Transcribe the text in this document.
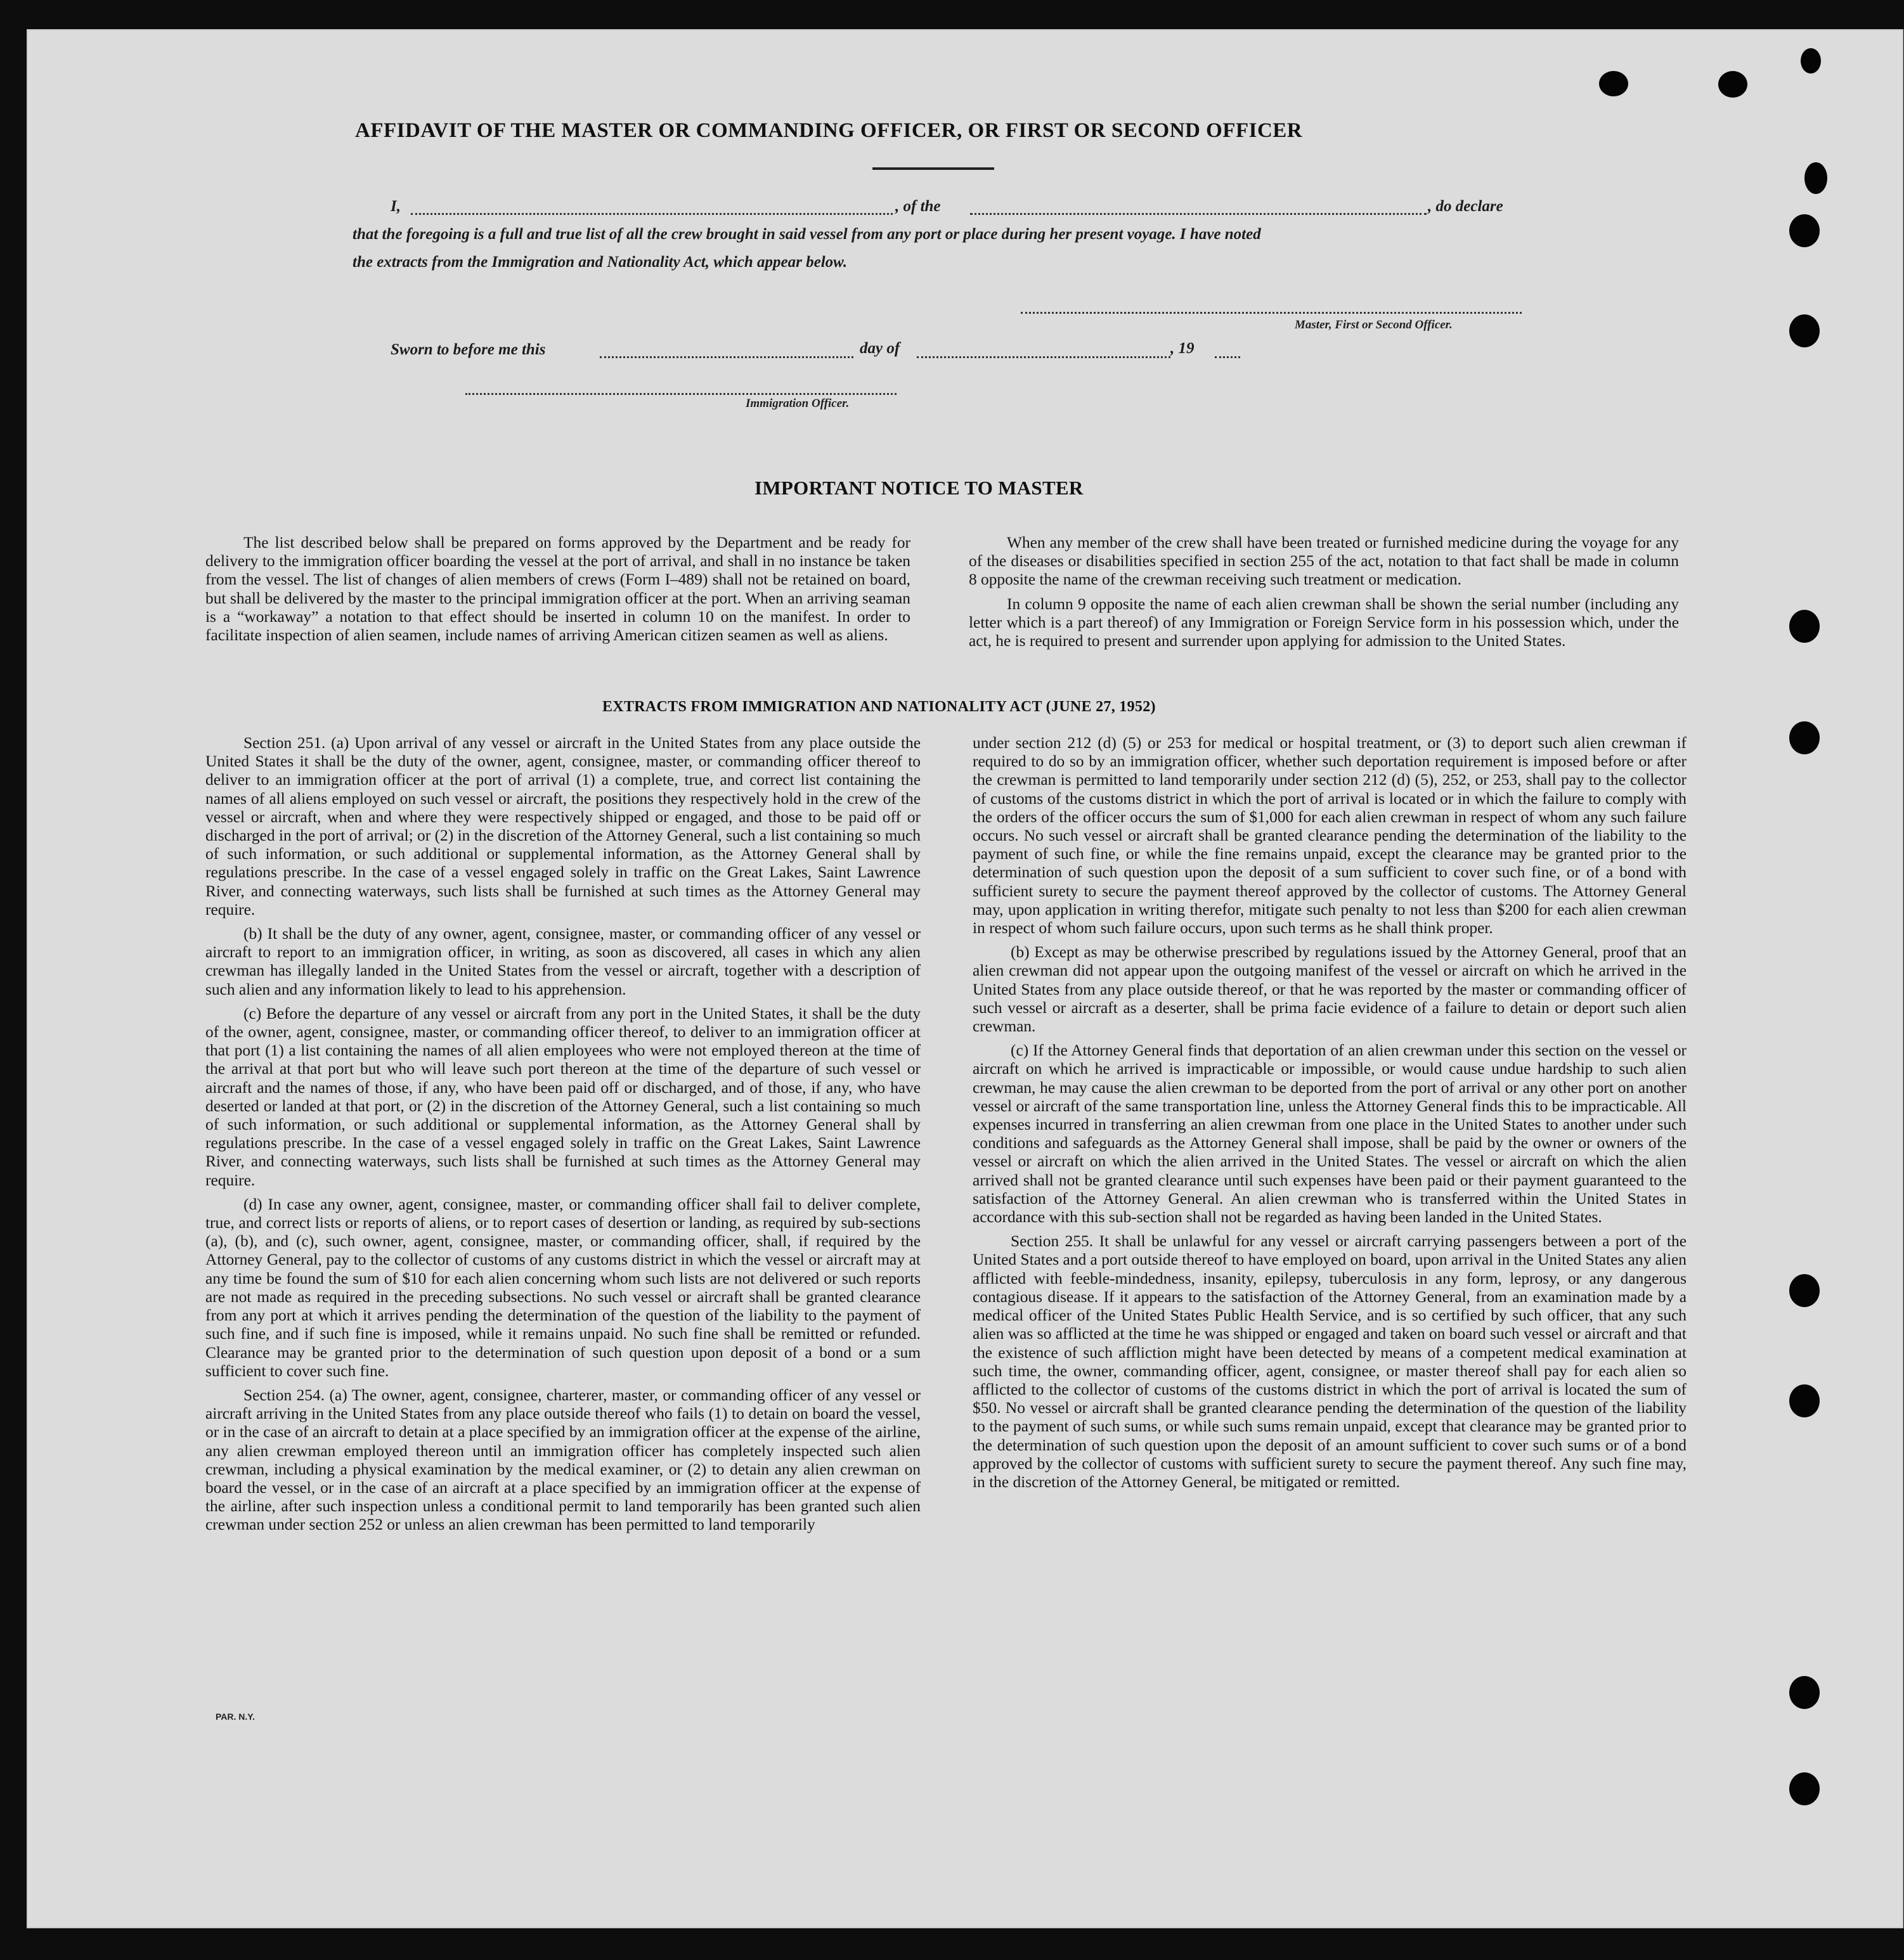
AFFIDAVIT OF THE MASTER OR COMMANDING OFFICER, OR FIRST OR SECOND OFFICER
I,	, of the	, do declare
that the foregoing is a full and true list of all the crew brought in said vessel from any port or place during her present voyage. I have noted
the extracts from the Immigration and Nationality Act, which appear below.
Master, First or Second Officer.
Sworn to before me this	day of	, 19
Immigration Officer.
IMPORTANT NOTICE TO MASTER

The list described below shall be prepared on forms approved by the Department and be ready for delivery to the immigration officer boarding the vessel at the port of arrival, and shall in no instance be taken from the vessel. The list of changes of alien members of crews (Form I–489) shall not be retained on board, but shall be delivered by the master to the principal immigration officer at the port. When an arriving seaman is a “workaway” a notation to that effect should be inserted in column 10 on the manifest. In order to facilitate inspection of alien seamen, include names of arriving American citizen seamen as well as aliens.

When any member of the crew shall have been treated or furnished medicine during the voyage for any of the diseases or disabilities specified in section 255 of the act, notation to that fact shall be made in column 8 opposite the name of the crewman receiving such treatment or medication.

In column 9 opposite the name of each alien crewman shall be shown the serial number (including any letter which is a part thereof) of any Immigration or Foreign Service form in his possession which, under the act, he is required to present and surrender upon applying for admission to the United States.

EXTRACTS FROM IMMIGRATION AND NATIONALITY ACT (JUNE 27, 1952)

Section 251. (a) Upon arrival of any vessel or aircraft in the United States from any place outside the United States it shall be the duty of the owner, agent, consignee, master, or commanding officer thereof to deliver to an immigration officer at the port of arrival (1) a complete, true, and correct list containing the names of all aliens employed on such vessel or aircraft, the positions they respectively hold in the crew of the vessel or aircraft, when and where they were respectively shipped or engaged, and those to be paid off or discharged in the port of arrival; or (2) in the discretion of the Attorney General, such a list containing so much of such information, or such additional or supplemental information, as the Attorney General shall by regulations prescribe. In the case of a vessel engaged solely in traffic on the Great Lakes, Saint Lawrence River, and connecting waterways, such lists shall be furnished at such times as the Attorney General may require.

(b) It shall be the duty of any owner, agent, consignee, master, or commanding officer of any vessel or aircraft to report to an immigration officer, in writing, as soon as discovered, all cases in which any alien crewman has illegally landed in the United States from the vessel or aircraft, together with a description of such alien and any information likely to lead to his apprehension.

(c) Before the departure of any vessel or aircraft from any port in the United States, it shall be the duty of the owner, agent, consignee, master, or commanding officer thereof, to deliver to an immigration officer at that port (1) a list containing the names of all alien employees who were not employed thereon at the time of the arrival at that port but who will leave such port thereon at the time of the departure of such vessel or aircraft and the names of those, if any, who have been paid off or discharged, and of those, if any, who have deserted or landed at that port, or (2) in the discretion of the Attorney General, such a list containing so much of such information, or such additional or supplemental information, as the Attorney General shall by regulations prescribe. In the case of a vessel engaged solely in traffic on the Great Lakes, Saint Lawrence River, and connecting waterways, such lists shall be furnished at such times as the Attorney General may require.

(d) In case any owner, agent, consignee, master, or commanding officer shall fail to deliver complete, true, and correct lists or reports of aliens, or to report cases of desertion or landing, as required by sub-sections (a), (b), and (c), such owner, agent, consignee, master, or commanding officer, shall, if required by the Attorney General, pay to the collector of customs of any customs district in which the vessel or aircraft may at any time be found the sum of $10 for each alien concerning whom such lists are not delivered or such reports are not made as required in the preceding subsections. No such vessel or aircraft shall be granted clearance from any port at which it arrives pending the determination of the question of the liability to the payment of such fine, and if such fine is imposed, while it remains unpaid. No such fine shall be remitted or refunded. Clearance may be granted prior to the determination of such question upon deposit of a bond or a sum sufficient to cover such fine.

Section 254. (a) The owner, agent, consignee, charterer, master, or commanding officer of any vessel or aircraft arriving in the United States from any place outside thereof who fails (1) to detain on board the vessel, or in the case of an aircraft to detain at a place specified by an immigration officer at the expense of the airline, any alien crewman employed thereon until an immigration officer has completely inspected such alien crewman, including a physical examination by the medical examiner, or (2) to detain any alien crewman on board the vessel, or in the case of an aircraft at a place specified by an immigration officer at the expense of the airline, after such inspection unless a conditional permit to land temporarily has been granted such alien crewman under section 252 or unless an alien crewman has been permitted to land temporarily

under section 212 (d) (5) or 253 for medical or hospital treatment, or (3) to deport such alien crewman if required to do so by an immigration officer, whether such deportation requirement is imposed before or after the crewman is permitted to land temporarily under section 212 (d) (5), 252, or 253, shall pay to the collector of customs of the customs district in which the port of arrival is located or in which the failure to comply with the orders of the officer occurs the sum of $1,000 for each alien crewman in respect of whom any such failure occurs. No such vessel or aircraft shall be granted clearance pending the determination of the liability to the payment of such fine, or while the fine remains unpaid, except the clearance may be granted prior to the determination of such question upon the deposit of a sum sufficient to cover such fine, or of a bond with sufficient surety to secure the payment thereof approved by the collector of customs. The Attorney General may, upon application in writing therefor, mitigate such penalty to not less than $200 for each alien crewman in respect of whom such failure occurs, upon such terms as he shall think proper.

(b) Except as may be otherwise prescribed by regulations issued by the Attorney General, proof that an alien crewman did not appear upon the outgoing manifest of the vessel or aircraft on which he arrived in the United States from any place outside thereof, or that he was reported by the master or commanding officer of such vessel or aircraft as a deserter, shall be prima facie evidence of a failure to detain or deport such alien crewman.

(c) If the Attorney General finds that deportation of an alien crewman under this section on the vessel or aircraft on which he arrived is impracticable or impossible, or would cause undue hardship to such alien crewman, he may cause the alien crewman to be deported from the port of arrival or any other port on another vessel or aircraft of the same transportation line, unless the Attorney General finds this to be impracticable. All expenses incurred in transferring an alien crewman from one place in the United States to another under such conditions and safeguards as the Attorney General shall impose, shall be paid by the owner or owners of the vessel or aircraft on which the alien arrived in the United States. The vessel or aircraft on which the alien arrived shall not be granted clearance until such expenses have been paid or their payment guaranteed to the satisfaction of the Attorney General. An alien crewman who is transferred within the United States in accordance with this sub-section shall not be regarded as having been landed in the United States.

Section 255. It shall be unlawful for any vessel or aircraft carrying passengers between a port of the United States and a port outside thereof to have employed on board, upon arrival in the United States any alien afflicted with feeble-mindedness, insanity, epilepsy, tuberculosis in any form, leprosy, or any dangerous contagious disease. If it appears to the satisfaction of the Attorney General, from an examination made by a medical officer of the United States Public Health Service, and is so certified by such officer, that any such alien was so afflicted at the time he was shipped or engaged and taken on board such vessel or aircraft and that the existence of such affliction might have been detected by means of a competent medical examination at such time, the owner, commanding officer, agent, consignee, or master thereof shall pay for each alien so afflicted to the collector of customs of the customs district in which the port of arrival is located the sum of $50. No vessel or aircraft shall be granted clearance pending the determination of the question of the liability to the payment of such sums, or while such sums remain unpaid, except that clearance may be granted prior to the determination of such question upon the deposit of an amount sufficient to cover such sums or of a bond approved by the collector of customs with sufficient surety to secure the payment thereof. Any such fine may, in the discretion of the Attorney General, be mitigated or remitted.

PAR. N.Y.
